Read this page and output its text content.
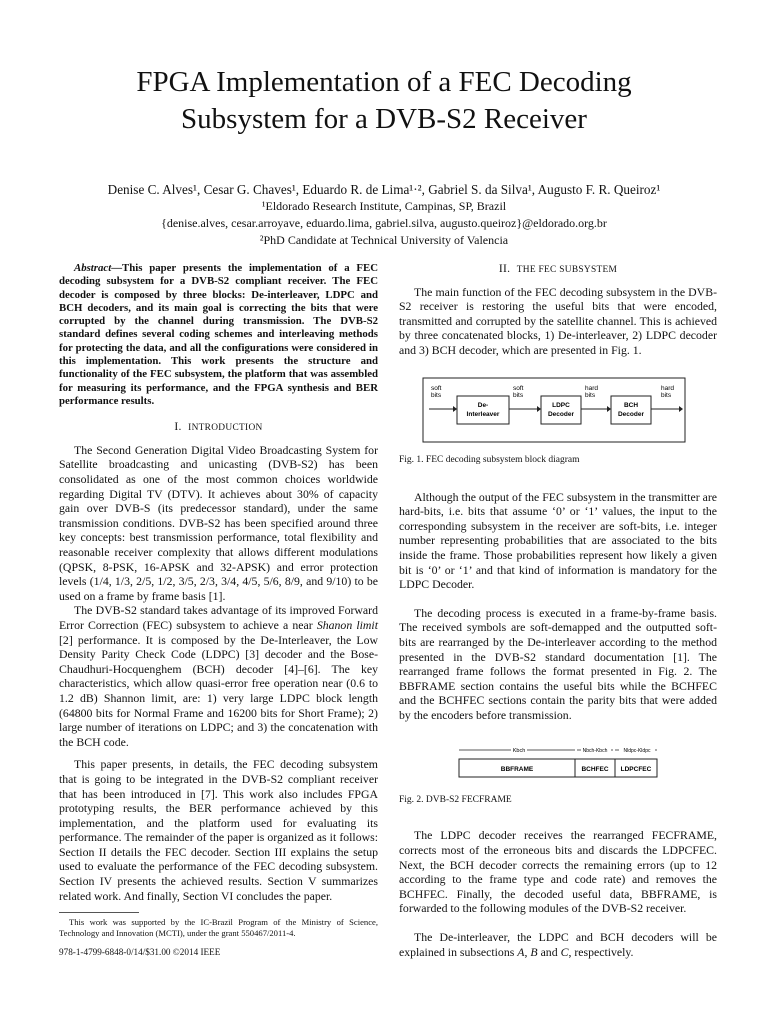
FPGA Implementation of a FEC Decoding
Subsystem for a DVB-S2 Receiver
Denise C. Alves¹, Cesar G. Chaves¹, Eduardo R. de Lima¹·², Gabriel S. da Silva¹, Augusto F. R. Queiroz¹
¹Eldorado Research Institute, Campinas, SP, Brazil
{denise.alves, cesar.arroyave, eduardo.lima, gabriel.silva, augusto.queiroz}@eldorado.org.br
²PhD Candidate at Technical University of Valencia

Abstract—This paper presents the implementation of a FEC decoding subsystem for a DVB-S2 compliant receiver. The FEC decoder is composed by three blocks: De-interleaver, LDPC and BCH decoders, and its main goal is correcting the bits that were corrupted by the channel during transmission. The DVB-S2 standard defines several coding schemes and interleaving methods for protecting the data, and all the configurations were considered in this implementation. This work presents the structure and functionality of the FEC subsystem, the platform that was assembled for measuring its performance, and the FPGA synthesis and BER performance results.

I. INTRODUCTION

The Second Generation Digital Video Broadcasting System for Satellite broadcasting and unicasting (DVB-S2) has been consolidated as one of the most common choices worldwide regarding Digital TV (DTV). It achieves about 30% of capacity gain over DVB-S (its predecessor standard), under the same transmission conditions. DVB-S2 has been specified around three key concepts: best transmission performance, total flexibility and reasonable receiver complexity that allows different modulations (QPSK, 8-PSK, 16-APSK and 32-APSK) and error protection levels (1/4, 1/3, 2/5, 1/2, 3/5, 2/3, 3/4, 4/5, 5/6, 8/9, and 9/10) to be used on a frame by frame basis [1].

The DVB-S2 standard takes advantage of its improved Forward Error Correction (FEC) subsystem to achieve a near Shanon limit [2] performance. It is composed by the De-Interleaver, the Low Density Parity Check Code (LDPC) [3] decoder and the Bose-Chaudhuri-Hocquenghem (BCH) decoder [4]–[6]. The key characteristics, which allow quasi-error free operation near (0.6 to 1.2 dB) Shannon limit, are: 1) very large LDPC block length (64800 bits for Normal Frame and 16200 bits for Short Frame); 2) large number of iterations on LDPC; and 3) the concatenation with the BCH code.

This paper presents, in details, the FEC decoding subsystem that is going to be integrated in the DVB-S2 compliant receiver that has been introduced in [7]. This work also includes FPGA prototyping results, the BER performance achieved by this implementation, and the platform used for evaluating its performance. The remainder of the paper is organized as it follows: Section II details the FEC decoder. Section III explains the setup used to evaluate the performance of the FEC decoding subsystem. Section IV presents the achieved results. Section V summarizes related work. And finally, Section VI concludes the paper.

This work was supported by the IC-Brazil Program of the Ministry of Science, Technology and Innovation (MCTI), under the grant 550467/2011-4.

978-1-4799-6848-0/14/$31.00 ©2014 IEEE

II. THE FEC SUBSYSTEM

The main function of the FEC decoding subsystem in the DVB-S2 receiver is restoring the useful bits that were encoded, transmitted and corrupted by the satellite channel. This is achieved by three concatenated blocks, 1) De-interleaver, 2) LDPC decoder and 3) BCH decoder, which are presented in Fig. 1.

soft
bits
De-
Interleaver
soft
bits
LDPC
Decoder
hard
bits
BCH
Decoder
hard
bits

Fig. 1. FEC decoding subsystem block diagram

Although the output of the FEC subsystem in the transmitter are hard-bits, i.e. bits that assume ‘0’ or ‘1’ values, the input to the corresponding subsystem in the receiver are soft-bits, i.e. integer number representing probabilities that are associated to the bits inside the frame. Those probabilities represent how likely a given bit is ‘0’ or ‘1’ and that kind of information is mandatory for the LDPC Decoder.

The decoding process is executed in a frame-by-frame basis. The received symbols are soft-demapped and the outputted soft-bits are rearranged by the De-interleaver according to the method presented in the DVB-S2 standard documentation [1]. The rearranged frame follows the format presented in Fig. 2. The BBFRAME section contains the useful bits while the BCHFEC and the BCHFEC sections contain the parity bits that were added by the encoders before transmission.

Kbch	Nbch-Kbch	Nldpc-Kldpc
BBFRAME	BCHFEC LDPCFEC

Fig. 2. DVB-S2 FECFRAME

The LDPC decoder receives the rearranged FECFRAME, corrects most of the erroneous bits and discards the LDPCFEC. Next, the BCH decoder corrects the remaining errors (up to 12 according to the frame type and code rate) and removes the BCHFEC. Finally, the decoded useful data, BBFRAME, is forwarded to the following modules of the DVB-S2 receiver.

The De-interleaver, the LDPC and BCH decoders will be explained in subsections A, B and C, respectively.
